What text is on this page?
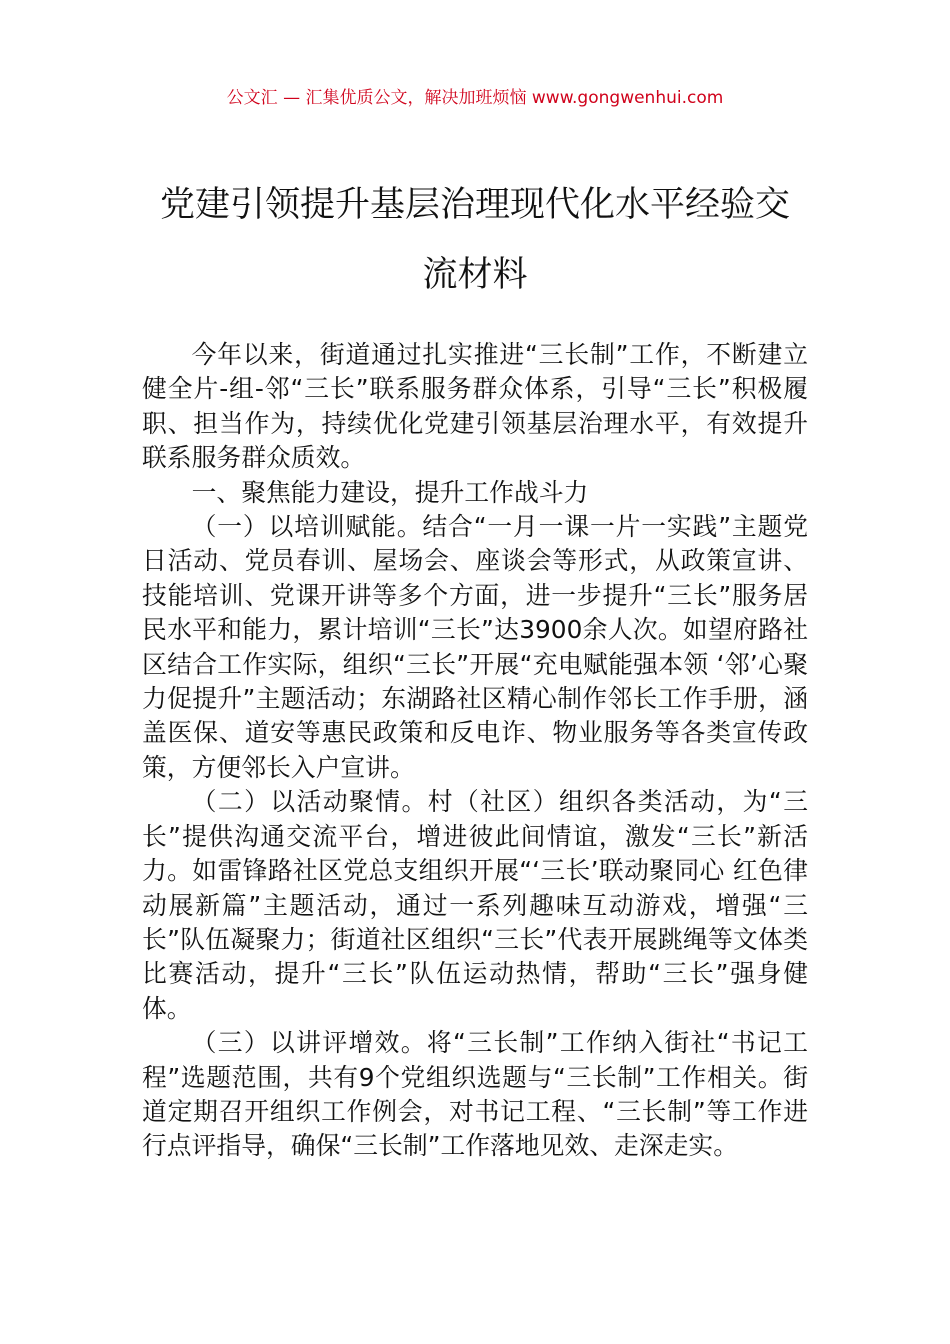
公文汇 — 汇集优质公文，解决加班烦恼 www.gongwenhui.com
党建引领提升基层治理现代化水平经验交
流材料

今年以来，街道通过扎实推进“三长制”工作，不断建立健全片-组-邻“三长”联系服务群众体系，引导“三长”积极履职、担当作为，持续优化党建引领基层治理水平，有效提升联系服务群众质效。

一、聚焦能力建设，提升工作战斗力

（一）以培训赋能。结合“一月一课一片一实践”主题党日活动、党员春训、屋场会、座谈会等形式，从政策宣讲、技能培训、党课开讲等多个方面，进一步提升“三长”服务居民水平和能力，累计培训“三长”达3900余人次。如望府路社区结合工作实际，组织“三长”开展“充电赋能强本领 ‘邻’心聚力促提升”主题活动；东湖路社区精心制作邻长工作手册，涵盖医保、道安等惠民政策和反电诈、物业服务等各类宣传政策，方便邻长入户宣讲。

（二）以活动聚情。村（社区）组织各类活动，为“三长”提供沟通交流平台，增进彼此间情谊，激发“三长”新活力。如雷锋路社区党总支组织开展“‘三长’联动聚同心 红色律动展新篇”主题活动，通过一系列趣味互动游戏，增强“三长”队伍凝聚力；街道社区组织“三长”代表开展跳绳等文体类比赛活动，提升“三长”队伍运动热情，帮助“三长”强身健体。

（三）以讲评增效。将“三长制”工作纳入街社“书记工程”选题范围，共有9个党组织选题与“三长制”工作相关。街道定期召开组织工作例会，对书记工程、“三长制”等工作进行点评指导，确保“三长制”工作落地见效、走深走实。
